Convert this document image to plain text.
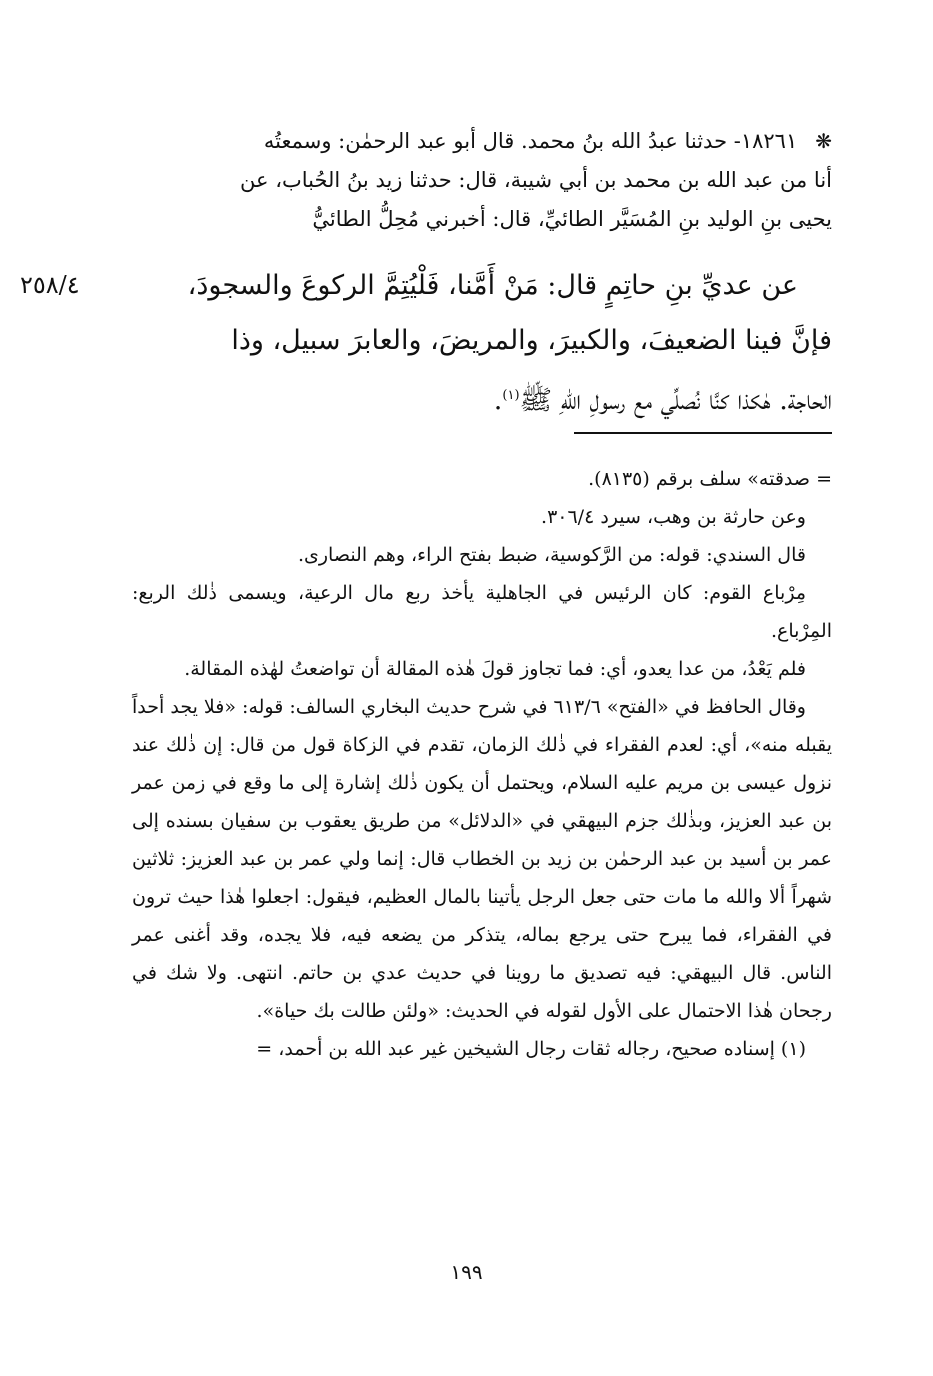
❋١٨٢٦١- حدثنا عبدُ الله بنُ محمد. قال أبو عبد الرحمٰن: وسمعتُه

أنا من عبد الله بن محمد بن أبي شيبة، قال: حدثنا زيد بنُ الحُباب، عن

يحيى بنِ الوليد بنِ المُسَيَّر الطائيِّ، قال: أخبرني مُحِلُّ الطائيُّ

٢٥٨/٤	عن عديِّ بنِ حاتِمٍ قال: مَنْ أَمَّنا، فَلْيُتِمَّ الركوعَ والسجودَ،

فإنَّ فينا الضعيفَ، والكبيرَ، والمريضَ، والعابرَ سبيل، وذا

الحاجة. هٰكذا كنَّا نُصلِّي مع رسولِ اللهِ ﷺ$^{(١)}$.

= صدقته» سلف برقم (٨١٣٥).

وعن حارثة بن وهب، سيرد ٣٠٦/٤.

قال السندي: قوله: من الرَّكوسية، ضبط بفتح الراء، وهم النصارى.

مِرْباع القوم: كان الرئيس في الجاهلية يأخذ ربع مال الرعية، ويسمى ذٰلك الربع: المِرْباع.

فلم يَعْدُ، من عدا يعدو، أي: فما تجاوز قولَ هٰذه المقالة أن تواضعتُ لهٰذه المقالة.

وقال الحافظ في «الفتح» ٦١٣/٦ في شرح حديث البخاري السالف: قوله: «فلا يجد أحداً يقبله منه»، أي: لعدم الفقراء في ذٰلك الزمان، تقدم في الزكاة قول من قال: إن ذٰلك عند نزول عيسى بن مريم عليه السلام، ويحتمل أن يكون ذٰلك إشارة إلى ما وقع في زمن عمر بن عبد العزيز، وبذٰلك جزم البيهقي في «الدلائل» من طريق يعقوب بن سفيان بسنده إلى عمر بن أسيد بن عبد الرحمٰن بن زيد بن الخطاب قال: إنما ولي عمر بن عبد العزيز: ثلاثين شهراً ألا والله ما مات حتى جعل الرجل يأتينا بالمال العظيم، فيقول: اجعلوا هٰذا حيث ترون في الفقراء، فما يبرح حتى يرجع بماله، يتذكر من يضعه فيه، فلا يجده، وقد أغنى عمر الناس. قال البيهقي: فيه تصديق ما روينا في حديث عدي بن حاتم. انتهى. ولا شك في رجحان هٰذا الاحتمال على الأول لقوله في الحديث: «ولئن طالت بك حياة».

(١) إسناده صحيح، رجاله ثقات رجال الشيخين غير عبد الله بن أحمد، =

١٩٩
